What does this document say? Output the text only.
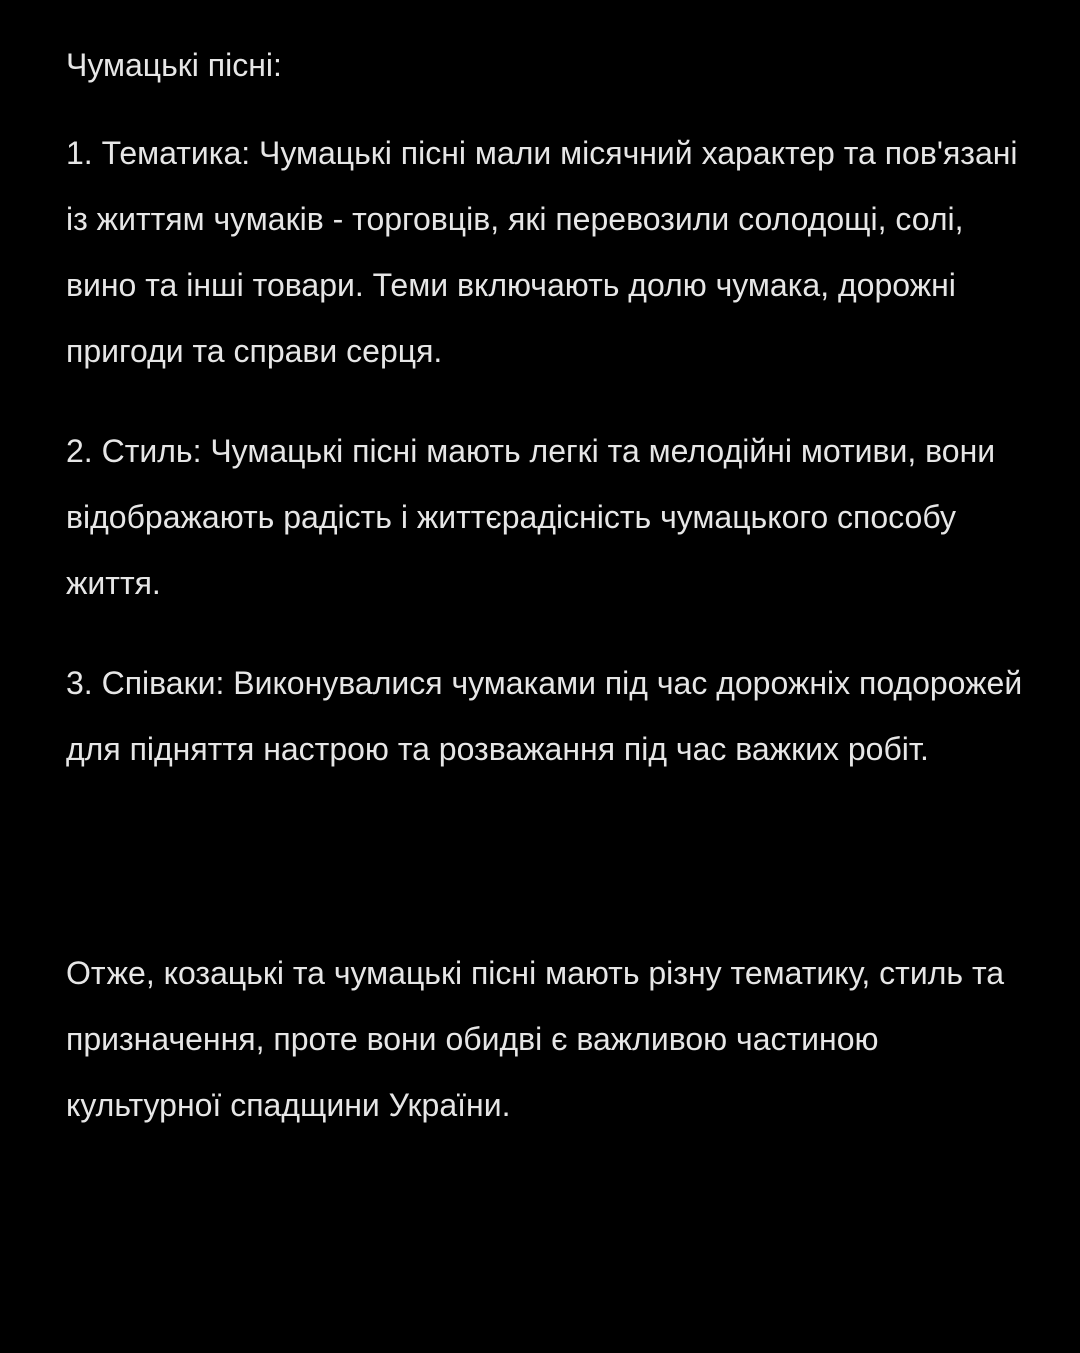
Чумацькі пісні:
1. Тематика: Чумацькі пісні мали місячний характер та пов'язані із життям чумаків - торговців, які перевозили солодощі, солі, вино та інші товари. Теми включають долю чумака, дорожні пригоди та справи серця.
2. Стиль: Чумацькі пісні мають легкі та мелодійні мотиви, вони відображають радість і життєрадісність чумацького способу життя.
3. Співаки: Виконувалися чумаками під час дорожніх подорожей для підняття настрою та розважання під час важких робіт.
Отже, козацькі та чумацькі пісні мають різну тематику, стиль та призначення, проте вони обидві є важливою частиною культурної спадщини України.
